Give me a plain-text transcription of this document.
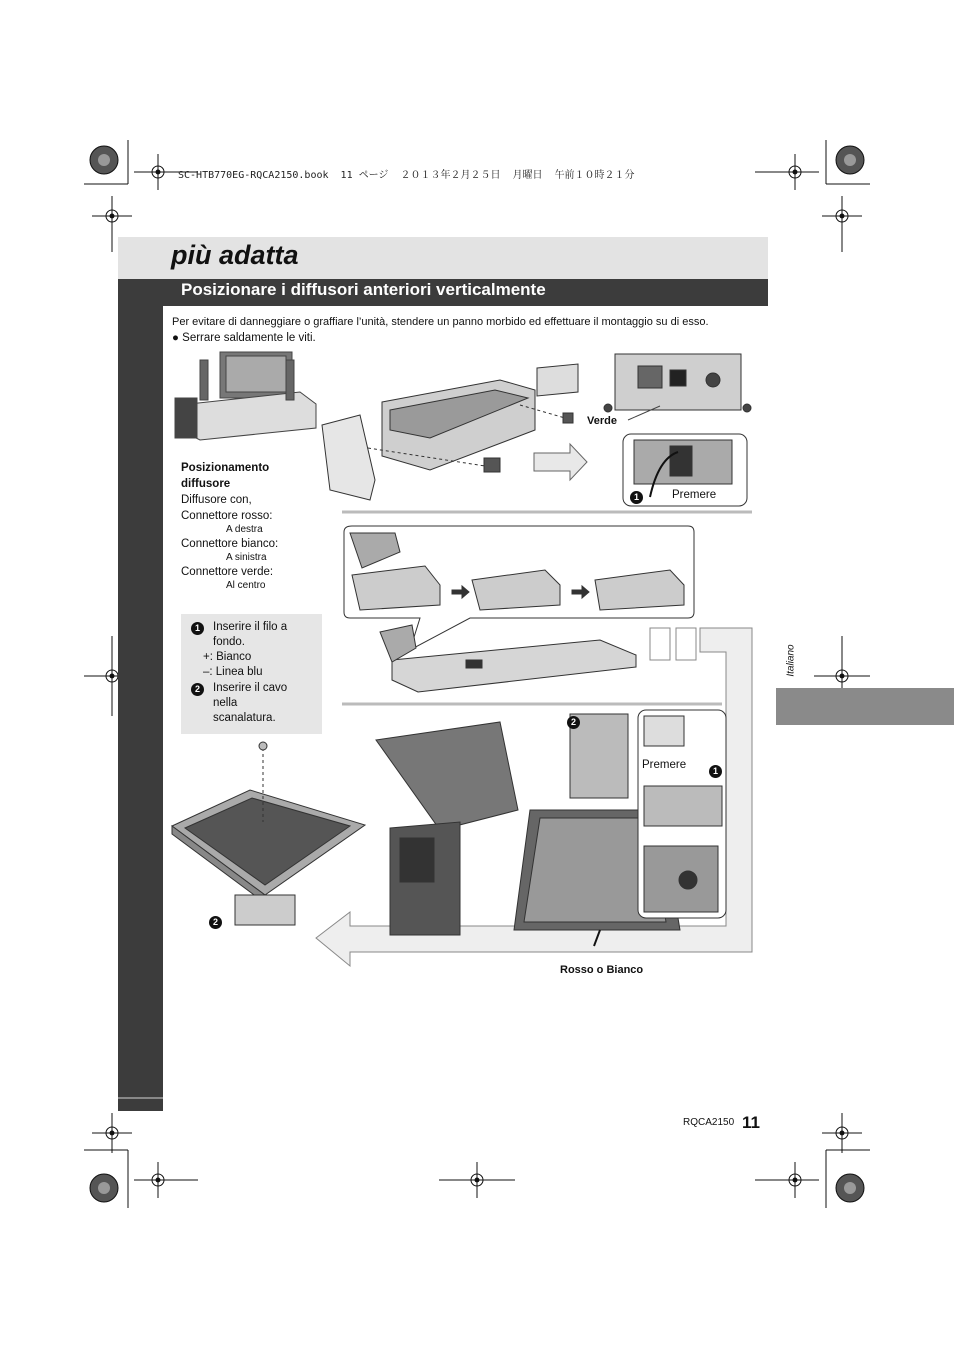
SC-HTB770EG-RQCA2150.book  11 ページ  ２０１３年２月２５日  月曜日  午前１０時２１分
più adatta
Posizionare i diffusori anteriori verticalmente
Per evitare di danneggiare o graffiare l’unità, stendere un panno morbido ed effettuare il montaggio su di esso.
● Serrare saldamente le viti.
Italiano
Verde
1	Premere
2
Premere	1
2
Rosso o Bianco
Posizionamento
diffusore
Diffusore con,
Connettore rosso:
A destra
Connettore bianco:
A sinistra
Connettore verde:
Al centro
1	Inserire il filo a
fondo.
+: Bianco
–: Linea blu
2	Inserire il cavo
nella
scanalatura.
RQCA2150 11
